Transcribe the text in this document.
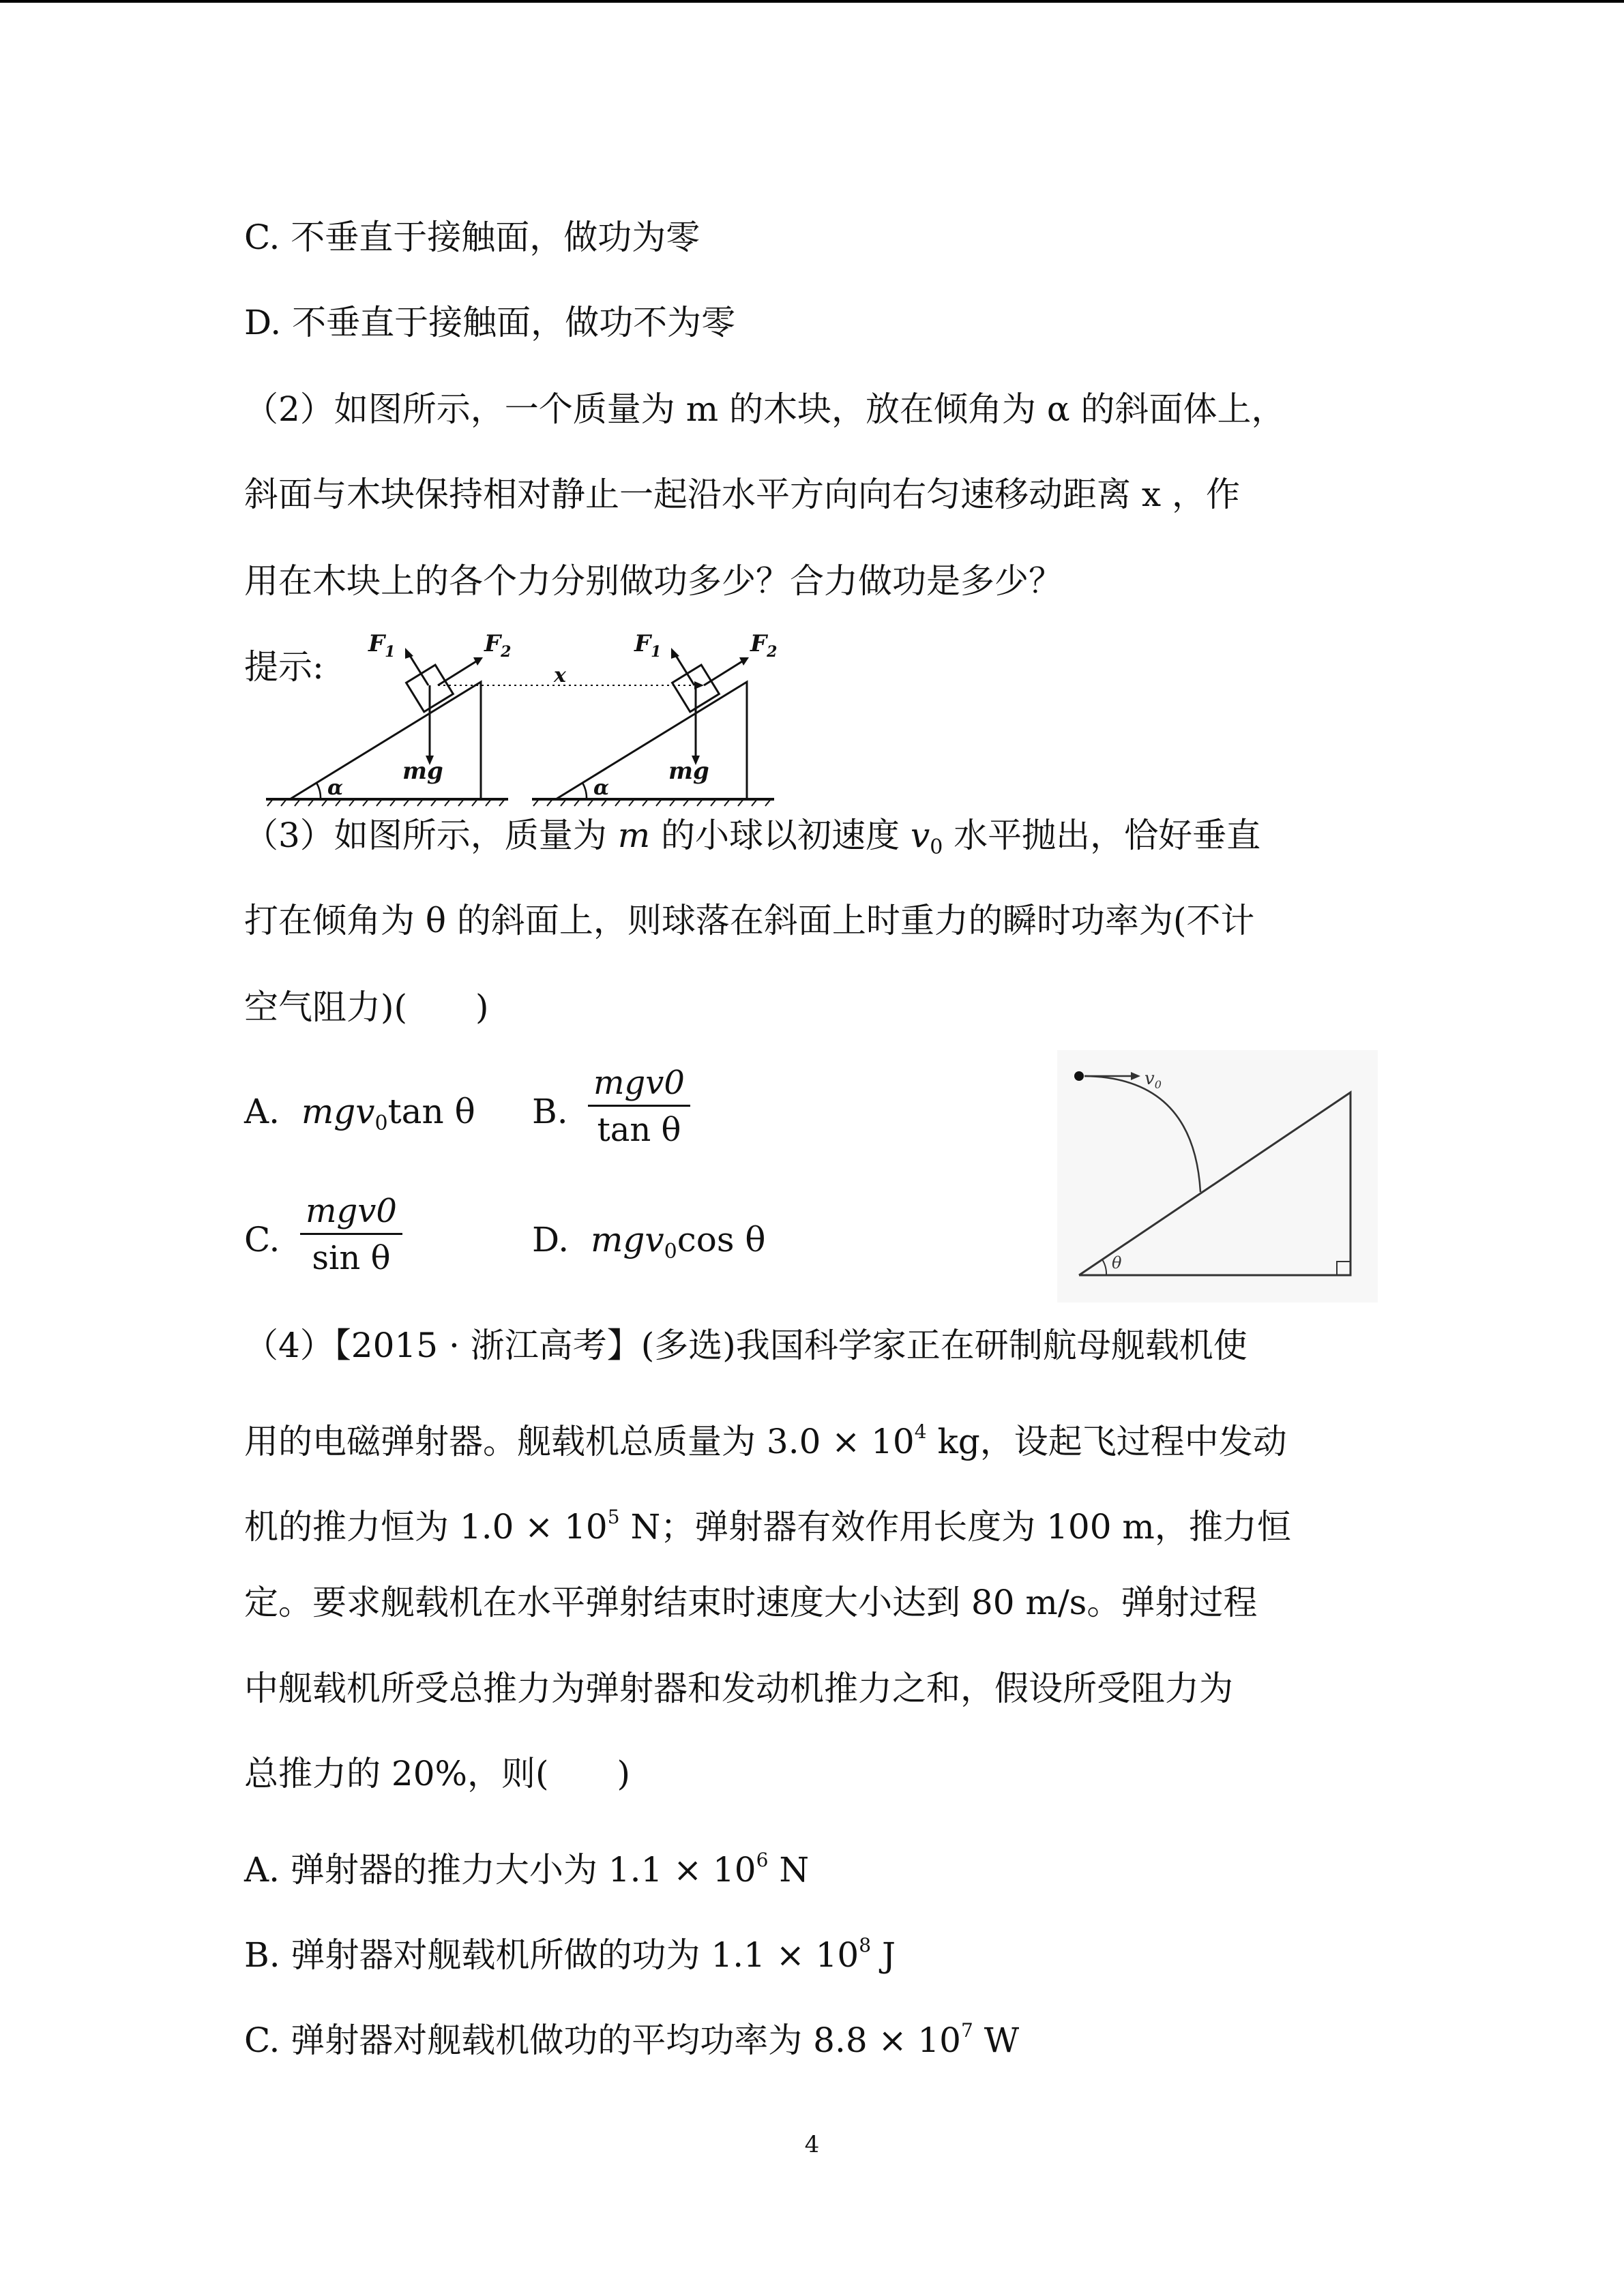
C. 不垂直于接触面，做功为零
D. 不垂直于接触面，做功不为零
（2）如图所示，一个质量为 m 的木块，放在倾角为 α 的斜面体上，
斜面与木块保持相对静止一起沿水平方向向右匀速移动距离 x ，作
用在木块上的各个力分别做功多少？合力做功是多少？
提示:
$F_1$	$F_2$
mg
α
$F_1$	$F_2$
mg
α
x
（3）如图所示，质量为 m 的小球以初速度 $v_0$ 水平抛出，恰好垂直
打在倾角为 θ 的斜面上，则球落在斜面上时重力的瞬时功率为(不计
空气阻力)(　　)
A. mgv$_0$tan θ B.
mgv0
tan θ
C.
mgv0
sin θ	D. mgv$_0$cos θ
$v_0$
θ
（4）【2015 · 浙江高考】(多选)我国科学家正在研制航母舰载机使
用的电磁弹射器。舰载机总质量为 $3.0 \times 10^4$ kg，设起飞过程中发动
机的推力恒为 $1.0 \times 10^5$ N；弹射器有效作用长度为 100 m，推力恒
定。要求舰载机在水平弹射结束时速度大小达到 80 m/s。弹射过程
中舰载机所受总推力为弹射器和发动机推力之和，假设所受阻力为
总推力的 20%，则(　　)
A. 弹射器的推力大小为 $1.1 \times 10^6$ N
B. 弹射器对舰载机所做的功为 $1.1 \times 10^8$ J
C. 弹射器对舰载机做功的平均功率为 $8.8 \times 10^7$ W
4
